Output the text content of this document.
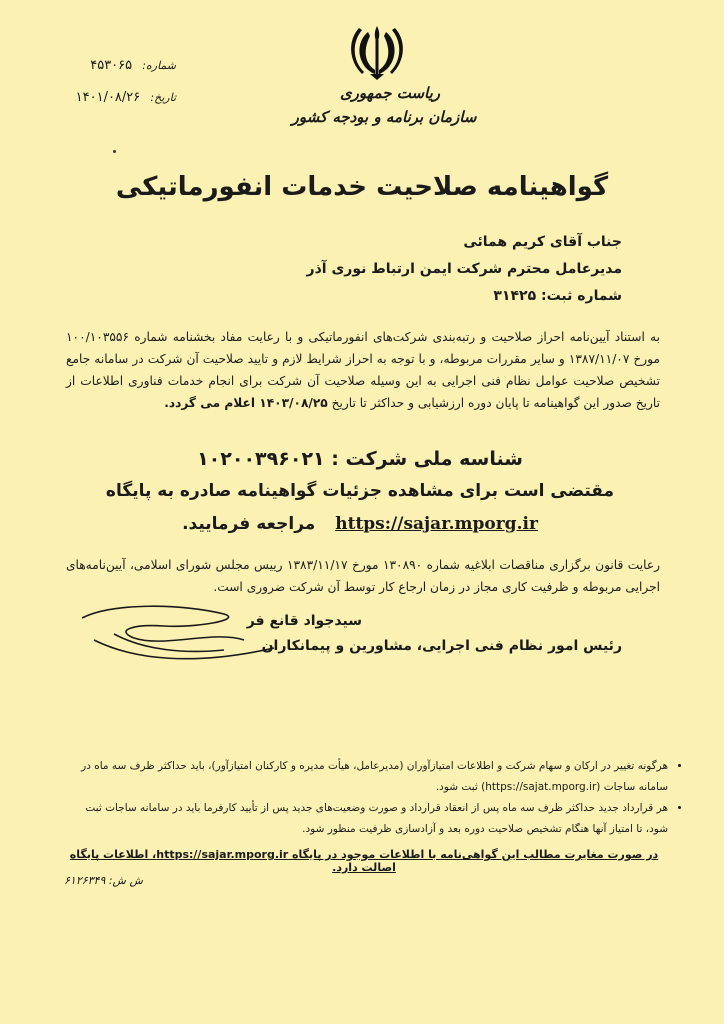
ریاست جمهوری
سازمان برنامه و بودجه کشور
شماره: ۴۵۳۰۶۵
تاریخ: ۱۴۰۱/۰۸/۲۶
گواهینامه صلاحیت خدمات انفورماتیکی
جناب آقای کریم همائی
مدیرعامل محترم شرکت ایمن ارتباط نوری آذر
شماره ثبت: ۳۱۴۲۵
به استناد آیین‌نامه احراز صلاحیت و رتبه‌بندی شرکت‌های انفورماتیکی و با رعایت مفاد بخشنامه شماره ۱۰۰/۱۰۳۵۵۶ مورخ ۱۳۸۷/۱۱/۰۷ و سایر مقررات مربوطه، و با توجه به احراز شرایط لازم و تایید صلاحیت آن شرکت در سامانه جامع تشخیص صلاحیت عوامل نظام فنی اجرایی به این وسیله صلاحیت آن شرکت برای انجام خدمات فناوری اطلاعات از تاریخ صدور این گواهینامه تا پایان دوره ارزشیابی و حداکثر تا تاریخ ۱۴۰۳/۰۸/۲۵ اعلام می گردد.
شناسه ملی شرکت : ۱۰۲۰۰۳۹۶۰۲۱
مقتضی است برای مشاهده جزئیات گواهینامه صادره به پایگاه
https://sajar.mporg.ir مراجعه فرمایید.
رعایت قانون برگزاری مناقصات ابلاغیه شماره ۱۳۰۸۹۰ مورخ ۱۳۸۳/۱۱/۱۷ رییس مجلس شورای اسلامی، آیین‌نامه‌های اجرایی مربوطه و ظرفیت کاری مجاز در زمان ارجاع کار توسط آن شرکت ضروری است.
سیدجواد قانع فر
رئیس امور نظام فنی اجرایی، مشاورین و پیمانکاران
• هرگونه تغییر در ارکان و سهام شرکت و اطلاعات امتیازآوران (مدیرعامل، هیأت مدیره و کارکنان امتیازآور)، باید حداکثر ظرف سه ماه در سامانه ساجات (https://sajat.mporg.ir) ثبت شود.
• هر قرارداد جدید حداکثر ظرف سه ماه پس از انعقاد قرارداد و صورت وضعیت‌های جدید پس از تأیید کارفرما باید در سامانه ساجات ثبت شود، تا امتیاز آنها هنگام تشخیص صلاحیت دوره بعد و آزادسازی ظرفیت منظور شود.
در صورت مغایرت مطالب این گواهی‌نامه با اطلاعات موجود در پایگاه https://sajar.mporg.ir، اطلاعات پایگاه اصالت دارد.
ش ش: ۶۱۲۶۳۴۹
